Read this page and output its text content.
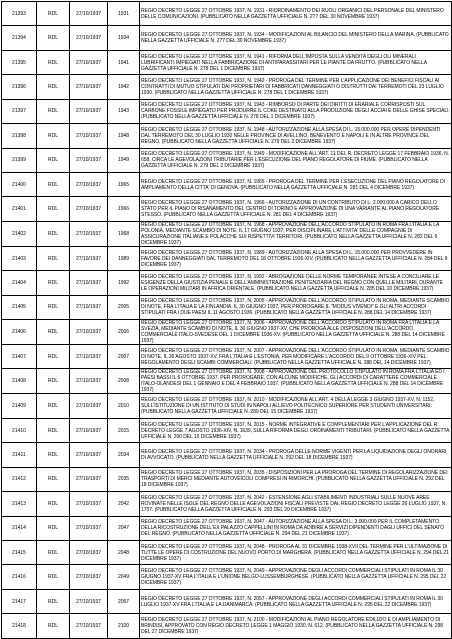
21393	RDL	27/10/1937	1931	REGIO DECRETO LEGGE 27 OTTOBRE 1937, N. 1931 - RIORDINAMENTO DEI RUOLI ORGANICI DEL PERSONALE DEL MINISTERO DELLE COMUNICAZIONI. (PUBBLICATO NELLA GAZZETTA UFFICIALE N. 277 DEL 30 NOVEMBRE 1937)
21394	RDL	27/10/1937	1934	REGIO DECRETO LEGGE 27 OTTOBRE 1937, N. 1934 - MODIFICAZIONI AL BILANCIO DEL MINISTERO DELLA MARINA. (PUBBLICATO NELLA GAZZETTA UFFICIALE N. 277 DEL 30 NOVEMBRE 1937)
21395	RDL	27/10/1937	1941	REGIO DECRETO LEGGE 27 OTTOBRE 1937, N. 1941 - RIFORMA DELL'IMPOSTA SULLA VENDITA DEGLI OLI MINERALI LUBRIFICANTI IMPIEGATI NELLA FABBRICAZIONE DI ANTIPARASSITARI PER LE PIANTE DA FRUTTO. (PUBBLICATO NELLA GAZZETTA UFFICIALE N. 278 DEL 1 DICEMBRE 1937)
21396	RDL	27/10/1937	1942	REGIO DECRETO LEGGE 27 OTTOBRE 1937, N. 1942 - PROROGA DEL TERMINE PER L'APPLICAZIONE DEI BENEFICI FISCALI AI CONTRATTI DI MUTUO STIPULATI DAI PROPRIETARI DI FABBRICATI DANNEGGIATI O DISTRUTTI DAI TERREMOTI DEL 23 LUGLIO 1930. (PUBBLICATO NELLA GAZZETTA UFFICIALE N. 278 DEL 1 DICEMBRE 1937)
21397	RDL	27/10/1937	1943	REGIO DECRETO LEGGE 27 OTTOBRE 1937, N. 1943 - RIMBORSO DI PARTE DEI DIRITTI DI ERARIALE CORRISPOSTI SUL CARBONE FOSSILE IMPIEGATO PER PRODURRE IL COKE DESTINATO ALLA PRODUZIONE DEGLI ACCIAI E DELLE GHISE SPECIALI. (PUBBLICATO NELLA GAZZETTA UFFICIALE N. 278 DEL 1 DICEMBRE 1937)
21398	RDL	27/10/1937	1948	REGIO DECRETO LEGGE 27 OTTOBRE 1937, N. 1948 - AUTORIZZAZIONE ALLA SPESA DI L. 15.000.000 PER OPERE DIPENDENTI DAL TERREMOTO DEL 30 LUGLIO 1930 NELLE PROVINCE DI AVELLINO, BENEVENTO E NAPOLI E IN ALTRE PROVINCE DEL REGNO. (PUBBLICATO NELLA GAZZETTA UFFICIALE N. 279 DEL 2 DICEMBRE 1937)
21399	RDL	27/10/1937	1949	REGIO DECRETO LEGGE 27 OTTOBRE 1937, N. 1949 - MODIFICAZIONE ALL'ART. 11 DEL R. DECRETO LEGGE 17 FEBBRAIO 1936, N. 658, CIRCA LE AGEVOLAZIONI TRIBUTARIE PER L'ESECUZIONE DEL PIANO REGOLATORE DI FIUME. (PUBBLICATO NELLA GAZZETTA UFFICIALE N. 279 DEL 2 DICEMBRE 1937)
21400	RDL	27/10/1937	1965	REGIO DECRETO LEGGE 27 OTTOBRE 1937, N. 1965 - PROROGA DEL TERMINE PER L'ESECUZIONE DEL PIANO REGOLATORE DI AMPLIAMENTO DELLA CITTA' DI GENOVA. (PUBBLICATO NELLA GAZZETTA UFFICIALE N. 281 DEL 4 DICEMBRE 1937)
21401	RDL	27/10/1937	1966	REGIO DECRETO LEGGE 27 OTTOBRE 1937, N. 1966 - AUTORIZZAZIONE DI UN CONTRIBUTO DI L. 2.000.000 A CARICO DELLO STATO PER IL PIANO DI RISANAMENTO DEL CENTRO DI TORINO E APPROVAZIONE DI UNA VARIANTE AL PIANO REGOLATORE STESSO. (PUBBLICATO NELLA GAZZETTA UFFICIALE N. 281 DEL 4 DICEMBRE 1937)
21402	RDL	27/10/1937	1968	REGIO DECRETO LEGGE 27 OTTOBRE 1937, N. 1968 - APPROVAZIONE DELL'ACCORDO STIPULATO IN ROMA FRA L'ITALIA E LA POLONIA, MEDIANTE SCAMBIO DI NOTE, IL 17 GIUGNO 1937, PER DISCIPLINARE L'ATTIVITA' DELLE COMPAGNIE DI ASSICURAZIONE ITALIANE E POLACCHE SUI RISPETTIVI TERRITORI. (PUBBLICATO NELLA GAZZETTA UFFICIALE N. 282 DEL 6 DICEMBRE 1937)
21403	RDL	27/10/1937	1989	REGIO DECRETO LEGGE 27 OTTOBRE 1937, N. 1989 - AUTORIZZAZIONE ALLA SPESA DI L. 15.000.000 PER PROVVEDERE IN FAVORE DEI DANNEGGIATI DAL TERREMOTO DEL 18 OTTOBRE 1936-XIV. (PUBBLICATO NELLA GAZZETTA UFFICIALE N. 284 DEL 9 DICEMBRE 1937)
21404	RDL	27/10/1937	1992	REGIO DECRETO LEGGE 27 OTTOBRE 1937, N. 1992 - ABROGAZIONE DELLE NORME TEMPORANEE INTESE A CONCILIARE LE ESIGENZE DELLA GIUSTIZIA PENALE E DELL'AMMINISTRAZIONE PENITENZIARIA DEL REGNO CON QUELLE MILITARI, DURANTE LE OPERAZIONI MILITARI IN AFRICA ORIENTALE. (PUBBLICATO NELLA GAZZETTA UFFICIALE N. 285 DEL 10 DICEMBRE 1937)
21405	RDL	27/10/1937	2005	REGIO DECRETO LEGGE 27 OTTOBRE 1937, N. 2005 - APPROVAZIONE DELL'ACCORDO STIPULATO IN ROMA, MEDIANTE SCAMBIO DI NOTE, FRA L'ITALIA E LA FINLANDIA, IL 30 GIUGNO 1937, PER PROROGARE IL "MODUS VIVENDI" E GLI ALTRI ACCORDI STIPULATI FRA I DUE PAESI IL 11 AGOSTO 1936. (PUBBLICATO NELLA GAZZETTA UFFICIALE N. 288 DEL 14 DICEMBRE 1937)
21406	RDL	27/10/1937	2006	REGIO DECRETO LEGGE 27 OTTOBRE 1937, N. 2006 - APPROVAZIONE DELL'ACCORDO STIPULATO IN ROMA FRA L'ITALIA E LA SVEZIA, MEDIANTE SCAMBIO DI NOTE, IL 30 GIUGNO 1937-XV, CHE PROROGA ALLE DISPOSIZIONI DELL'ACCORDO COMMERCIALE ITALO-SVEDESE DEL 1 DICEMBRE 1936-XV. (PUBBLICATO NELLA GAZZETTA UFFICIALE N. 288 DEL 14 DICEMBRE 1937)
21407	RDL	27/10/1937	2007	REGIO DECRETO LEGGE 27 OTTOBRE 1937, N. 2007 - APPROVAZIONE DELL'ACCORDO STIPULATO IN ROMA, MEDIANTE SCAMBIO DI NOTE, IL 26 AGOSTO 1937-XV, FRA L'ITALIA E L'ESTONIA, PER MODIFICARE L'ACCORDO DEL 9 OTTOBRE 1936-XIV PEL REGOLAMENTO DEGLI SCAMBI COMMERCIALI. (PUBBLICATO NELLA GAZZETTA UFFICIALE N. 288 DEL 14 DICEMBRE 1937)
21408	RDL	27/10/1937	2008	REGIO DECRETO LEGGE 27 OTTOBRE 1937, N. 2008 - APPROVAZIONE DEL PROTOCOLLO STIPULATO IN ROMA FRA L'ITALIA ED I PAESI BASSI IL 5 OTTOBRE 1937, PER PROROGARE, CON ALCUNE MODIFICHE, GLI ACCORDI DI CARATTERE COMMERCIALE ITALO-OLANDESI DEL 1 GENNAIO E DEL 4 FEBBRAIO 1937. (PUBBLICATO NELLA GAZZETTA UFFICIALE N. 288 DEL 14 DICEMBRE 1937)
21409	RDL	27/10/1937	2010	REGIO DECRETO LEGGE 27 OTTOBRE 1937, N. 2010 - MODIFICAZIONE ALL'ART. 4 DELLA LEGGE 3 GIUGNO 1937-XV, N. 1152, SULL'ISTITUZIONE DI UN ISTITUTO DI STUDI IN NAPOLI ALLIEVO POLITECNICO SUPERIORE PER STUDENTI UNIVERSITARI. (PUBBLICATO NELLA GAZZETTA UFFICIALE N. 289 DEL 15 DICEMBRE 1937)
21410	RDL	27/10/1937	2015	REGIO DECRETO LEGGE 27 OTTOBRE 1937, N. 2015 - NORME INTEGRATIVE E COMPLEMENTARI PER L'APPLICAZIONE DEL R. DECRETO LEGGE 7 AGOSTO 1936-XIV, N. 1639, SULLA RIFORMA DEGLI ORDINAMENTI TRIBUTARI. (PUBBLICATO NELLA GAZZETTA UFFICIALE N. 290 DEL 16 DICEMBRE 1937)
21411	RDL	27/10/1937	2034	REGIO DECRETO LEGGE 27 OTTOBRE 1937, N. 2034 - PROROGA DELLE NORME VIGENTI PER LA LIQUIDAZIONE DEGLI ONORARI DI AVVOCATO. (PUBBLICATO NELLA GAZZETTA UFFICIALE N. 292 DEL 18 DICEMBRE 1937)
21412	RDL	27/10/1937	2035	REGIO DECRETO LEGGE 27 OTTOBRE 1937, N. 2035 - DISPOSIZIONI PER LA PROROGA DEL TERMINE DI REGOLARIZZAZIONE DEI TRASPORTI DI MERCI MEDIANTE AUTOVEICOLI COMPRESI IN RIMORCHI. (PUBBLICATO NELLA GAZZETTA UFFICIALE N. 292 DEL 18 DICEMBRE 1937)
21413	RDL	27/10/1937	2042	REGIO DECRETO LEGGE 27 OTTOBRE 1937, N. 2042 - ESTENSIONE AGLI STABILIMENTI INDUSTRIALI SULLE NUOVE AREE ROVINATE NELLE ISOLE DEL REGNO DELLE AGEVOLAZIONI FISCALI PREVISTE DAL REGIO DECRETO LEGGE 26 LUGLIO 1937, N. 1707. (PUBBLICATO NELLA GAZZETTA UFFICIALE N. 293 DEL 20 DICEMBRE 1937)
21414	RDL	27/10/1937	2047	REGIO DECRETO LEGGE 27 OTTOBRE 1937, N. 2047 - AUTORIZZAZIONE ALLA SPESA DI L. 3.000.000 PER IL COMPLETAMENTO DELLA RICOSTRUZIONE DELL'EX PALAZZO CAPPELLINI IN ROMA DA ADIBIRE A SERVIZI DIPENDENTI DAGLI UFFICI DEL SENATO DEL REGNO. (PUBBLICATO NELLA GAZZETTA UFFICIALE N. 294 DEL 21 DICEMBRE 1937)
21415	RDL	27/10/1937	2048	REGIO DECRETO LEGGE 27 OTTOBRE 1937, N. 2048 - PROROGA AL 31 DICEMBRE 1938-XVII DEL TERMINE PER L'ULTIMAZIONE DI TUTTE LE OPERE DI COSTRUZIONE DEL NUOVO PORTO DI MARGHERA. (PUBBLICATO NELLA GAZZETTA UFFICIALE N. 294 DEL 21 DICEMBRE 1937)
21416	RDL	27/10/1937	2049	REGIO DECRETO LEGGE 27 OTTOBRE 1937, N. 2049 - APPROVAZIONE DEGLI ACCORDI COMMERCIALI STIPULATI IN ROMA IL 30 GIUGNO 1937-XV FRA L'ITALIA E L'UNIONE BELGO-LUSSEMBURGHESE. (PUBBLICATO NELLA GAZZETTA UFFICIALE N. 295 DEL 22 DICEMBRE 1937)
21417	RDL	27/10/1937	2057	REGIO DECRETO LEGGE 27 OTTOBRE 1937, N. 2057 - APPROVAZIONE DEGLI ACCORDI COMMERCIALI STIPULATI IN ROMA IL 30 LUGLIO 1937-XV FRA L'ITALIA E LA DANIMARCA. (PUBBLICATO NELLA GAZZETTA UFFICIALE N. 295 DEL 22 DICEMBRE 1937)
21418	RDL	27/10/1937	2100	REGIO DECRETO LEGGE 27 OTTOBRE 1937, N. 2100 - MODIFICAZIONI AL PIANO REGOLATORE EDILIZIO E DI AMPLIAMENTO DI BRINDISI, APPROVATO CON REGIO DECRETO LEGGE 1 MAGGIO 1930, N. 612. (PUBBLICATO NELLA GAZZETTA UFFICIALE N. 298 DEL 27 DICEMBRE 1937)
